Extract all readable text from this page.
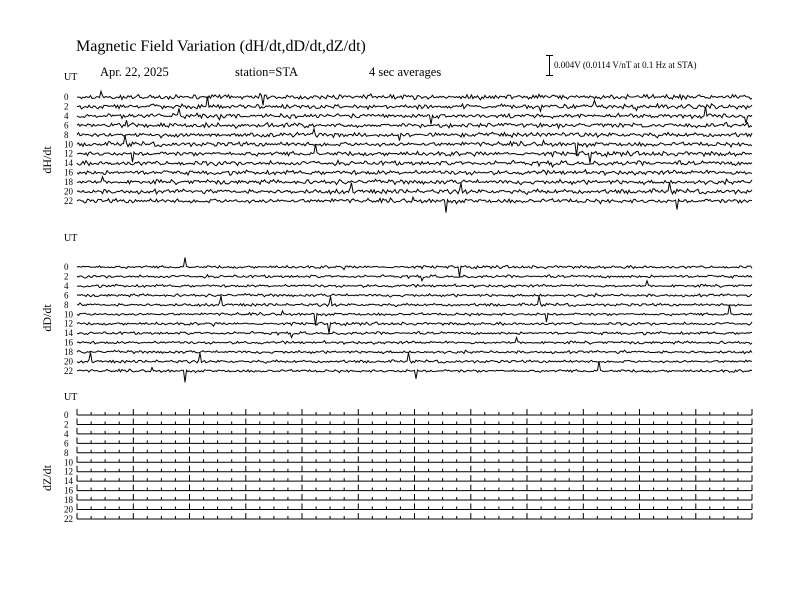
Magnetic Field Variation (dH/dt,dD/dt,dZ/dt)
Apr. 22, 2025	station=STA	4 sec averages	0.004V (0.0114 V/nT at 0.1 Hz at STA)
UT
dH/dt
0
2
4
6
8
10
12
14
16
18
20
22
UT
dD/dt
0
2
4
6
8
10
12
14
16
18
20
22
UT
dZ/dt
0
2
4
6
8
10
12
14
16
18
20
22
